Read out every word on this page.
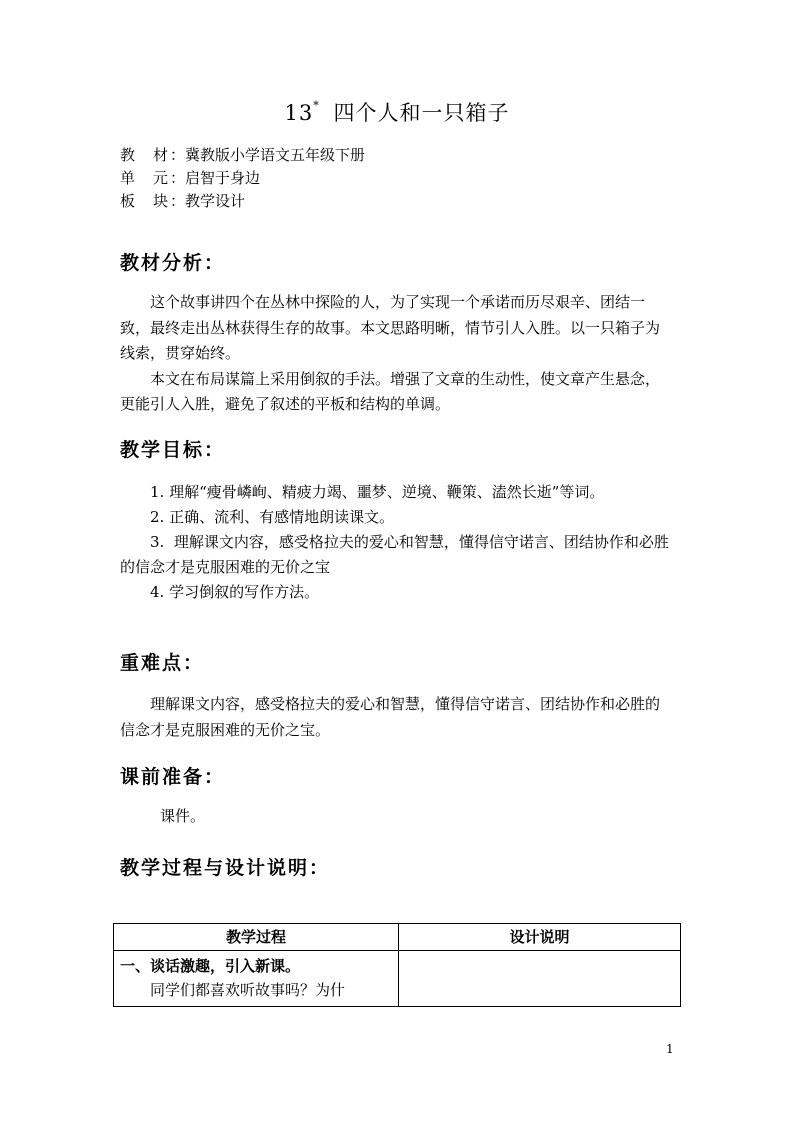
13* 四个人和一只箱子
教 材 ： 冀教版小学语文五年级下册
单 元 ： 启智于身边
板 块 ： 教学设计
教材分析：

这个故事讲四个在丛林中探险的人，为了实现一个承诺而历尽艰辛、团结一致，最终走出丛林获得生存的故事。本文思路明晰，情节引人入胜。以一只箱子为线索，贯穿始终。

本文在布局谋篇上采用倒叙的手法。增强了文章的生动性，使文章产生悬念，更能引人入胜，避免了叙述的平板和结构的单调。

教学目标：

1. 理解“瘦骨嶙峋、精疲力竭、噩梦、逆境、鞭策、溘然长逝”等词。

2. 正确、流利、有感情地朗读课文。

3. 理解课文内容，感受格拉夫的爱心和智慧，懂得信守诺言、团结协作和必胜的信念才是克服困难的无价之宝

4. 学习倒叙的写作方法。

重难点：

理解课文内容，感受格拉夫的爱心和智慧，懂得信守诺言、团结协作和必胜的信念才是克服困难的无价之宝。

课前准备：
课件。
教学过程与设计说明：
教学过程	设计说明

一、谈话激趣，引入新课。
同学们都喜欢听故事吗？为什	

1
